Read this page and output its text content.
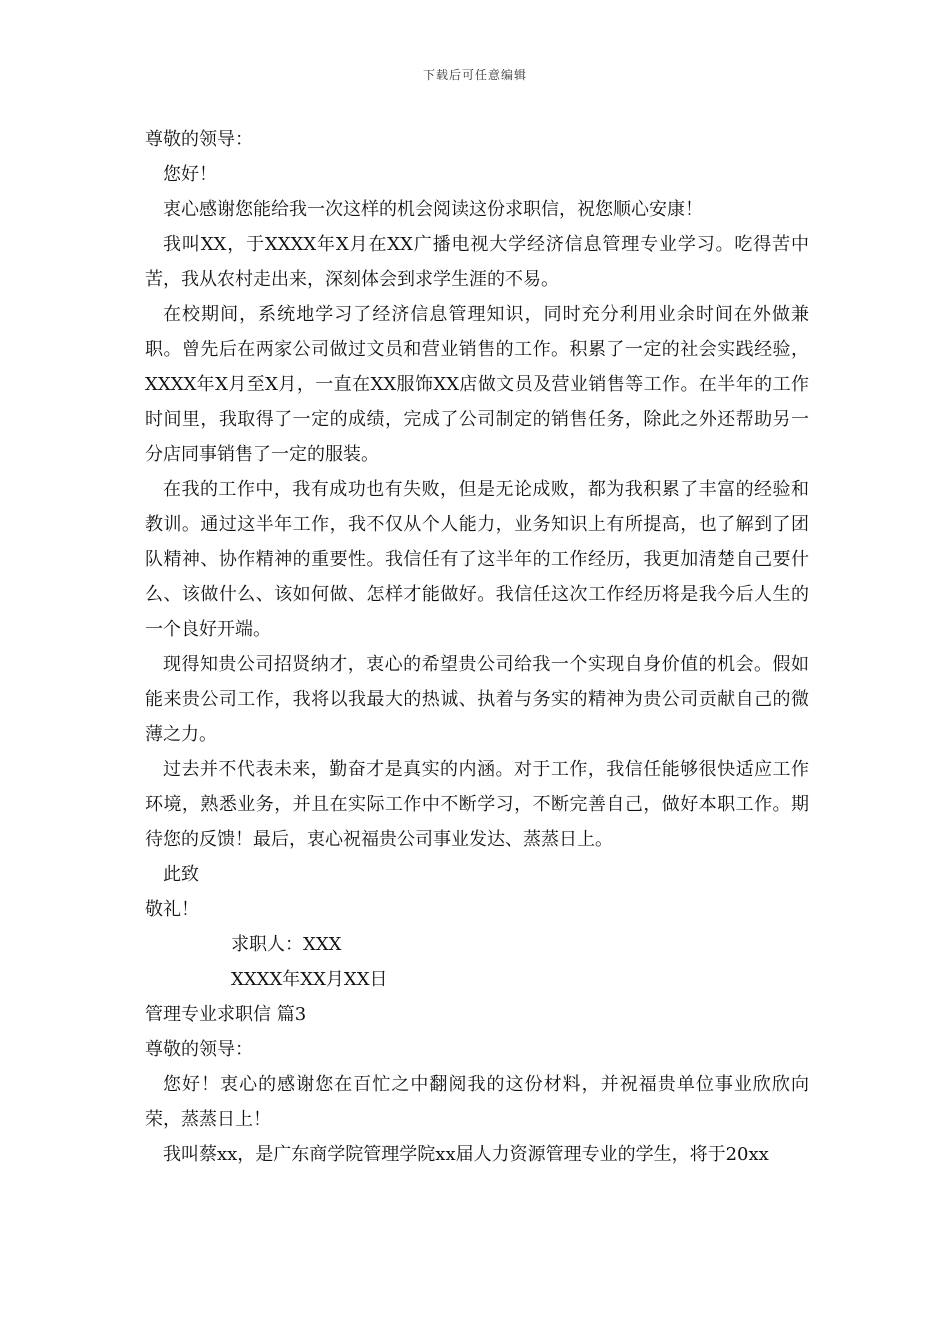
下载后可任意编辑
尊敬的领导：
您好！

衷心感谢您能给我一次这样的机会阅读这份求职信，祝您顺心安康！

我叫XX，于XXXX年X月在XX广播电视大学经济信息管理专业学习。吃得苦中苦，我从农村走出来，深刻体会到求学生涯的不易。

在校期间，系统地学习了经济信息管理知识，同时充分利用业余时间在外做兼职。曾先后在两家公司做过文员和营业销售的工作。积累了一定的社会实践经验，XXXX年X月至X月，一直在XX服饰XX店做文员及营业销售等工作。在半年的工作时间里，我取得了一定的成绩，完成了公司制定的销售任务，除此之外还帮助另一分店同事销售了一定的服装。

在我的工作中，我有成功也有失败，但是无论成败，都为我积累了丰富的经验和教训。通过这半年工作，我不仅从个人能力，业务知识上有所提高，也了解到了团队精神、协作精神的重要性。我信任有了这半年的工作经历，我更加清楚自己要什么、该做什么、该如何做、怎样才能做好。我信任这次工作经历将是我今后人生的一个良好开端。

现得知贵公司招贤纳才，衷心的希望贵公司给我一个实现自身价值的机会。假如能来贵公司工作，我将以我最大的热诚、执着与务实的精神为贵公司贡献自己的微薄之力。

过去并不代表未来，勤奋才是真实的内涵。对于工作，我信任能够很快适应工作环境，熟悉业务，并且在实际工作中不断学习，不断完善自己，做好本职工作。期待您的反馈！最后，衷心祝福贵公司事业发达、蒸蒸日上。

此致
敬礼！
求职人：XXX
XXXX年XX月XX日
管理专业求职信 篇3
尊敬的领导：

您好！衷心的感谢您在百忙之中翻阅我的这份材料，并祝福贵单位事业欣欣向荣，蒸蒸日上！

我叫蔡xx，是广东商学院管理学院xx届人力资源管理专业的学生，将于20xx
